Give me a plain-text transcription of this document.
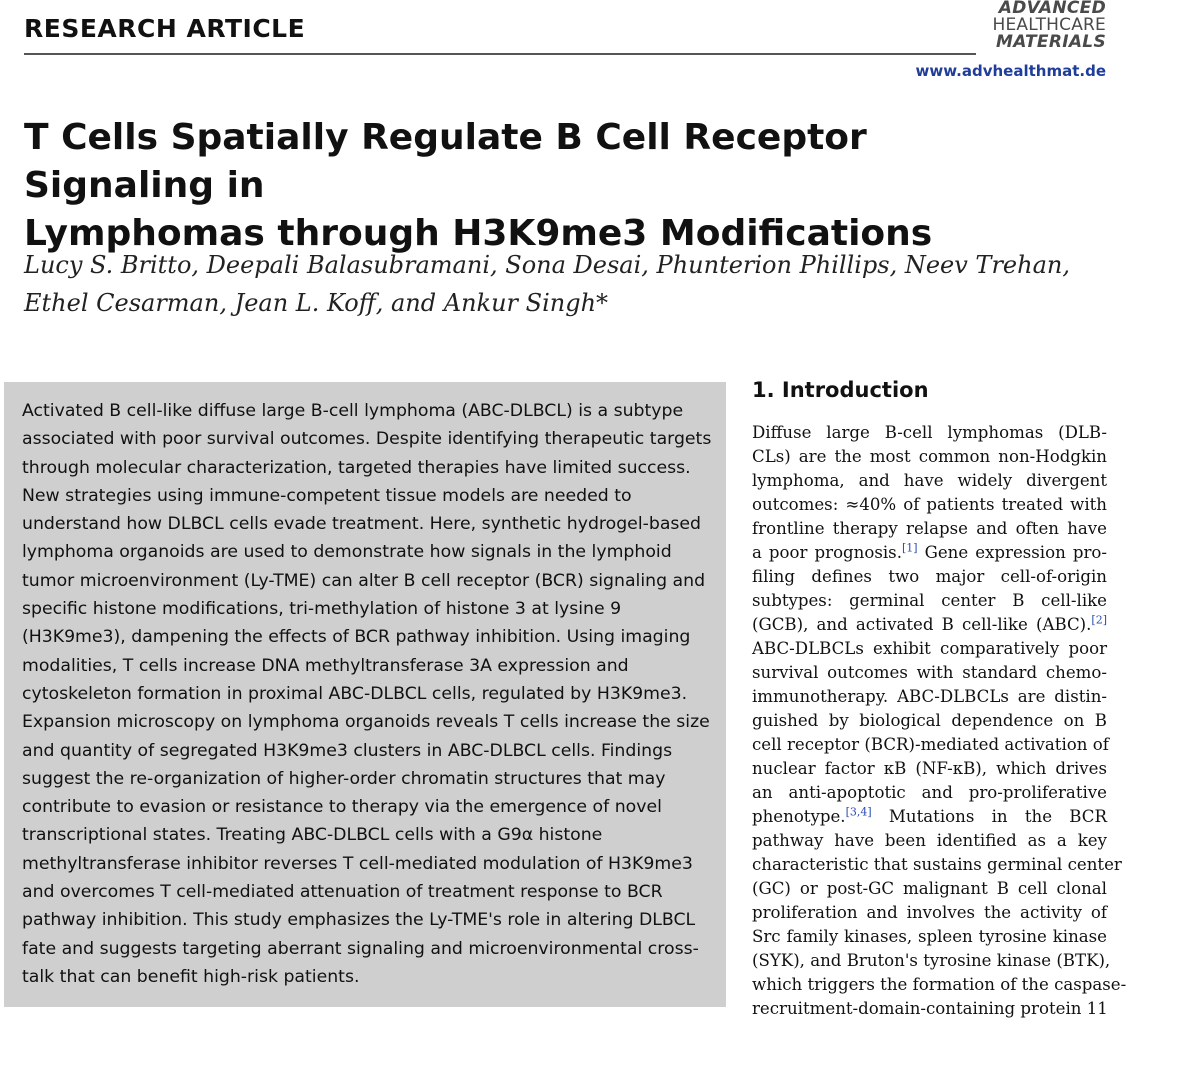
RESEARCH ARTICLE
ADVANCED
HEALTHCARE
MATERIALS
www.advhealthmat.de
T Cells Spatially Regulate B Cell Receptor Signaling in
Lymphomas through H3K9me3 Modifications
Lucy S. Britto, Deepali Balasubramani, Sona Desai, Phunterion Phillips, Neev Trehan,
Ethel Cesarman, Jean L. Koff, and Ankur Singh*

Activated B cell-like diffuse large B-cell lymphoma (ABC-DLBCL) is a subtype associated with poor survival outcomes. Despite identifying therapeutic targets through molecular characterization, targeted therapies have limited success. New strategies using immune-competent tissue models are needed to understand how DLBCL cells evade treatment. Here, synthetic hydrogel-based lymphoma organoids are used to demonstrate how signals in the lymphoid tumor microenvironment (Ly-TME) can alter B cell receptor (BCR) signaling and specific histone modifications, tri-methylation of histone 3 at lysine 9 (H3K9me3), dampening the effects of BCR pathway inhibition. Using imaging modalities, T cells increase DNA methyltransferase 3A expression and cytoskeleton formation in proximal ABC-DLBCL cells, regulated by H3K9me3. Expansion microscopy on lymphoma organoids reveals T cells increase the size and quantity of segregated H3K9me3 clusters in ABC-DLBCL cells. Findings suggest the re-organization of higher-order chromatin structures that may contribute to evasion or resistance to therapy via the emergence of novel transcriptional states. Treating ABC-DLBCL cells with a G9α histone methyltransferase inhibitor reverses T cell-mediated modulation of H3K9me3 and overcomes T cell-mediated attenuation of treatment response to BCR pathway inhibition. This study emphasizes the Ly-TME's role in altering DLBCL fate and suggests targeting aberrant signaling and microenvironmental cross-talk that can benefit high-risk patients.

1. Introduction
Diffuse large B-cell lymphomas (DLB-
CLs) are the most common non-Hodgkin
lymphoma, and have widely divergent
outcomes: ≈40% of patients treated with
frontline therapy relapse and often have
a poor prognosis.[1] Gene expression pro-
filing defines two major cell-of-origin
subtypes: germinal center B cell-like
(GCB), and activated B cell-like (ABC).[2]
ABC-DLBCLs exhibit comparatively poor
survival outcomes with standard chemo-
immunotherapy. ABC-DLBCLs are distin-
guished by biological dependence on B
cell receptor (BCR)-mediated activation of
nuclear factor κB (NF-κB), which drives
an anti-apoptotic and pro-proliferative
phenotype.[3,4] Mutations in the BCR
pathway have been identified as a key
characteristic that sustains germinal center
(GC) or post-GC malignant B cell clonal
proliferation and involves the activity of
Src family kinases, spleen tyrosine kinase
(SYK), and Bruton's tyrosine kinase (BTK),
which triggers the formation of the caspase-
recruitment-domain-containing protein 11
